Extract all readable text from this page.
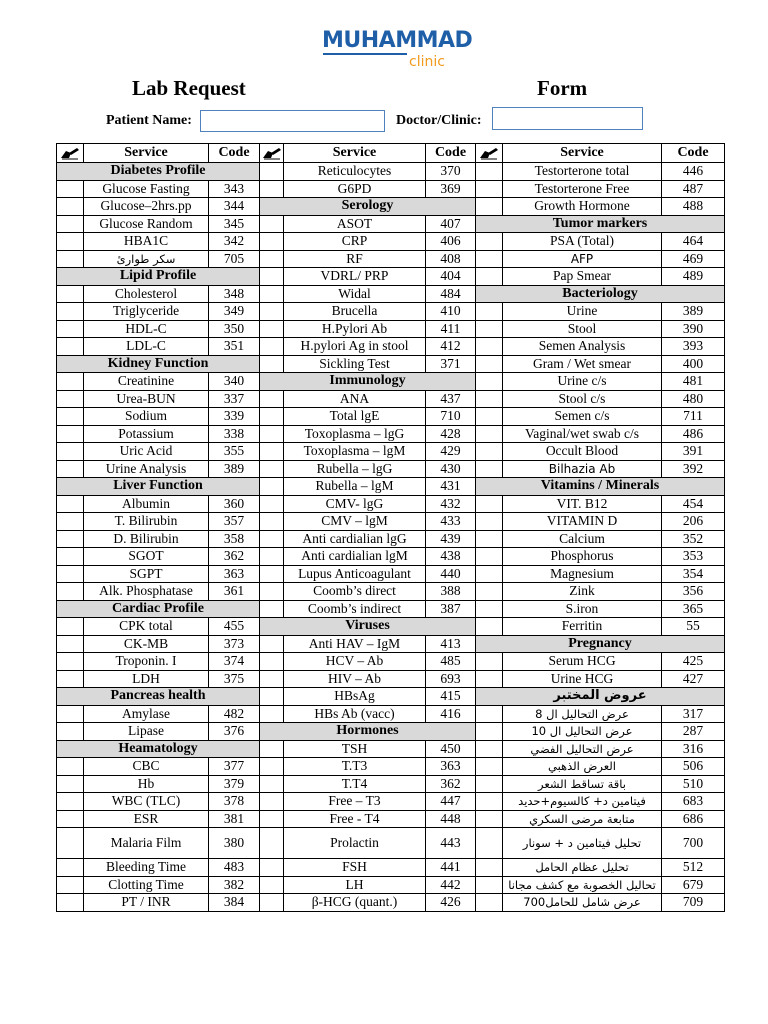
MUHAMMAD
clinic
Lab Request	Form
Patient Name:	Doctor/Clinic:
	Service	Code		Service	Code		Service	Code
Diabetes Profile				Reticulocytes	370		Testorterone total	446
	Glucose Fasting	343		G6PD	369		Testorterone Free	487
	Glucose–2hrs.pp	344	Serology				Growth Hormone	488
	Glucose Random	345		ASOT	407	Tumor markers		
	HBA1C	342		CRP	406		PSA (Total)	464
	سكر طوارئ	705		RF	408		AFP	469
Lipid Profile				VDRL/ PRP	404		Pap Smear	489
	Cholesterol	348		Widal	484	Bacteriology		
	Triglyceride	349		Brucella	410		Urine	389
	HDL-C	350		H.Pylori Ab	411		Stool	390
	LDL-C	351		H.pylori Ag in stool	412		Semen Analysis	393
Kidney Function				Sickling Test	371		Gram / Wet smear	400
	Creatinine	340	Immunology				Urine c/s	481
	Urea-BUN	337		ANA	437		Stool c/s	480
	Sodium	339		Total lgE	710		Semen c/s	711
	Potassium	338		Toxoplasma – lgG	428		Vaginal/wet swab c/s	486
	Uric Acid	355		Toxoplasma – lgM	429		Occult Blood	391
	Urine Analysis	389		Rubella – lgG	430		Bilhazia Ab	392
Liver Function				Rubella – lgM	431	Vitamins / Minerals		
	Albumin	360		CMV- lgG	432		VIT. B12	454
	T. Bilirubin	357		CMV – lgM	433		VITAMIN D	206
	D. Bilirubin	358		Anti cardialian lgG	439		Calcium	352
	SGOT	362		Anti cardialian lgM	438		Phosphorus	353
	SGPT	363		Lupus Anticoagulant	440		Magnesium	354
	Alk. Phosphatase	361		Coomb’s direct	388		Zink	356
Cardiac Profile				Coomb’s indirect	387		S.iron	365
	CPK total	455	Viruses				Ferritin	55
	CK-MB	373		Anti HAV – IgM	413	Pregnancy		
	Troponin. I	374		HCV – Ab	485		Serum HCG	425
	LDH	375		HIV – Ab	693		Urine HCG	427
Pancreas health				HBsAg	415	عروض المختبر		
	Amylase	482		HBs Ab (vacc)	416		عرض التحاليل ال 8	317
	Lipase	376	Hormones				عرض التحاليل ال 10	287
Heamatology				TSH	450		عرض التحاليل الفضي	316
	CBC	377		T.T3	363		العرض الذهبي	506
	Hb	379		T.T4	362		باقة تساقط الشعر	510
	WBC (TLC)	378		Free – T3	447		فيتامين د+ كالسيوم+حديد	683
	ESR	381		Free - T4	448		متابعة مرضى السكري	686
	Malaria Film	380		Prolactin	443		تحليل فيتامين د + سونار	700
	Bleeding Time	483		FSH	441		تحليل عظام الحامل	512
	Clotting Time	382		LH	442		تحاليل الخصوبة مع كشف مجانا	679
	PT / INR	384		β-HCG (quant.)	426		عرض شامل للحامل700	709
